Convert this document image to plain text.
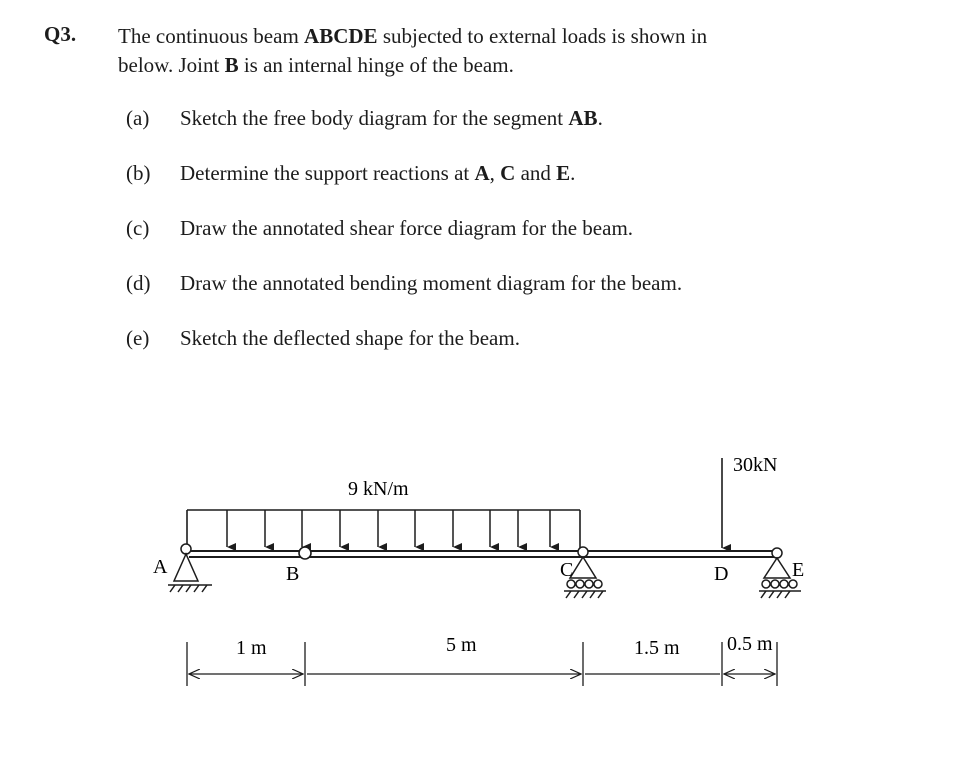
Q3. The continuous beam ABCDE subjected to external loads is shown in
below. Joint B is an internal hinge of the beam.
(a) Sketch the free body diagram for the segment AB.
(b) Determine the support reactions at A, C and E.
(c) Draw the annotated shear force diagram for the beam.
(d) Draw the annotated bending moment diagram for the beam.
(e) Sketch the deflected shape for the beam.
9 kN/m
30kN
A	B	C	D	E
1 m	5 m	1.5 m 0.5 m
